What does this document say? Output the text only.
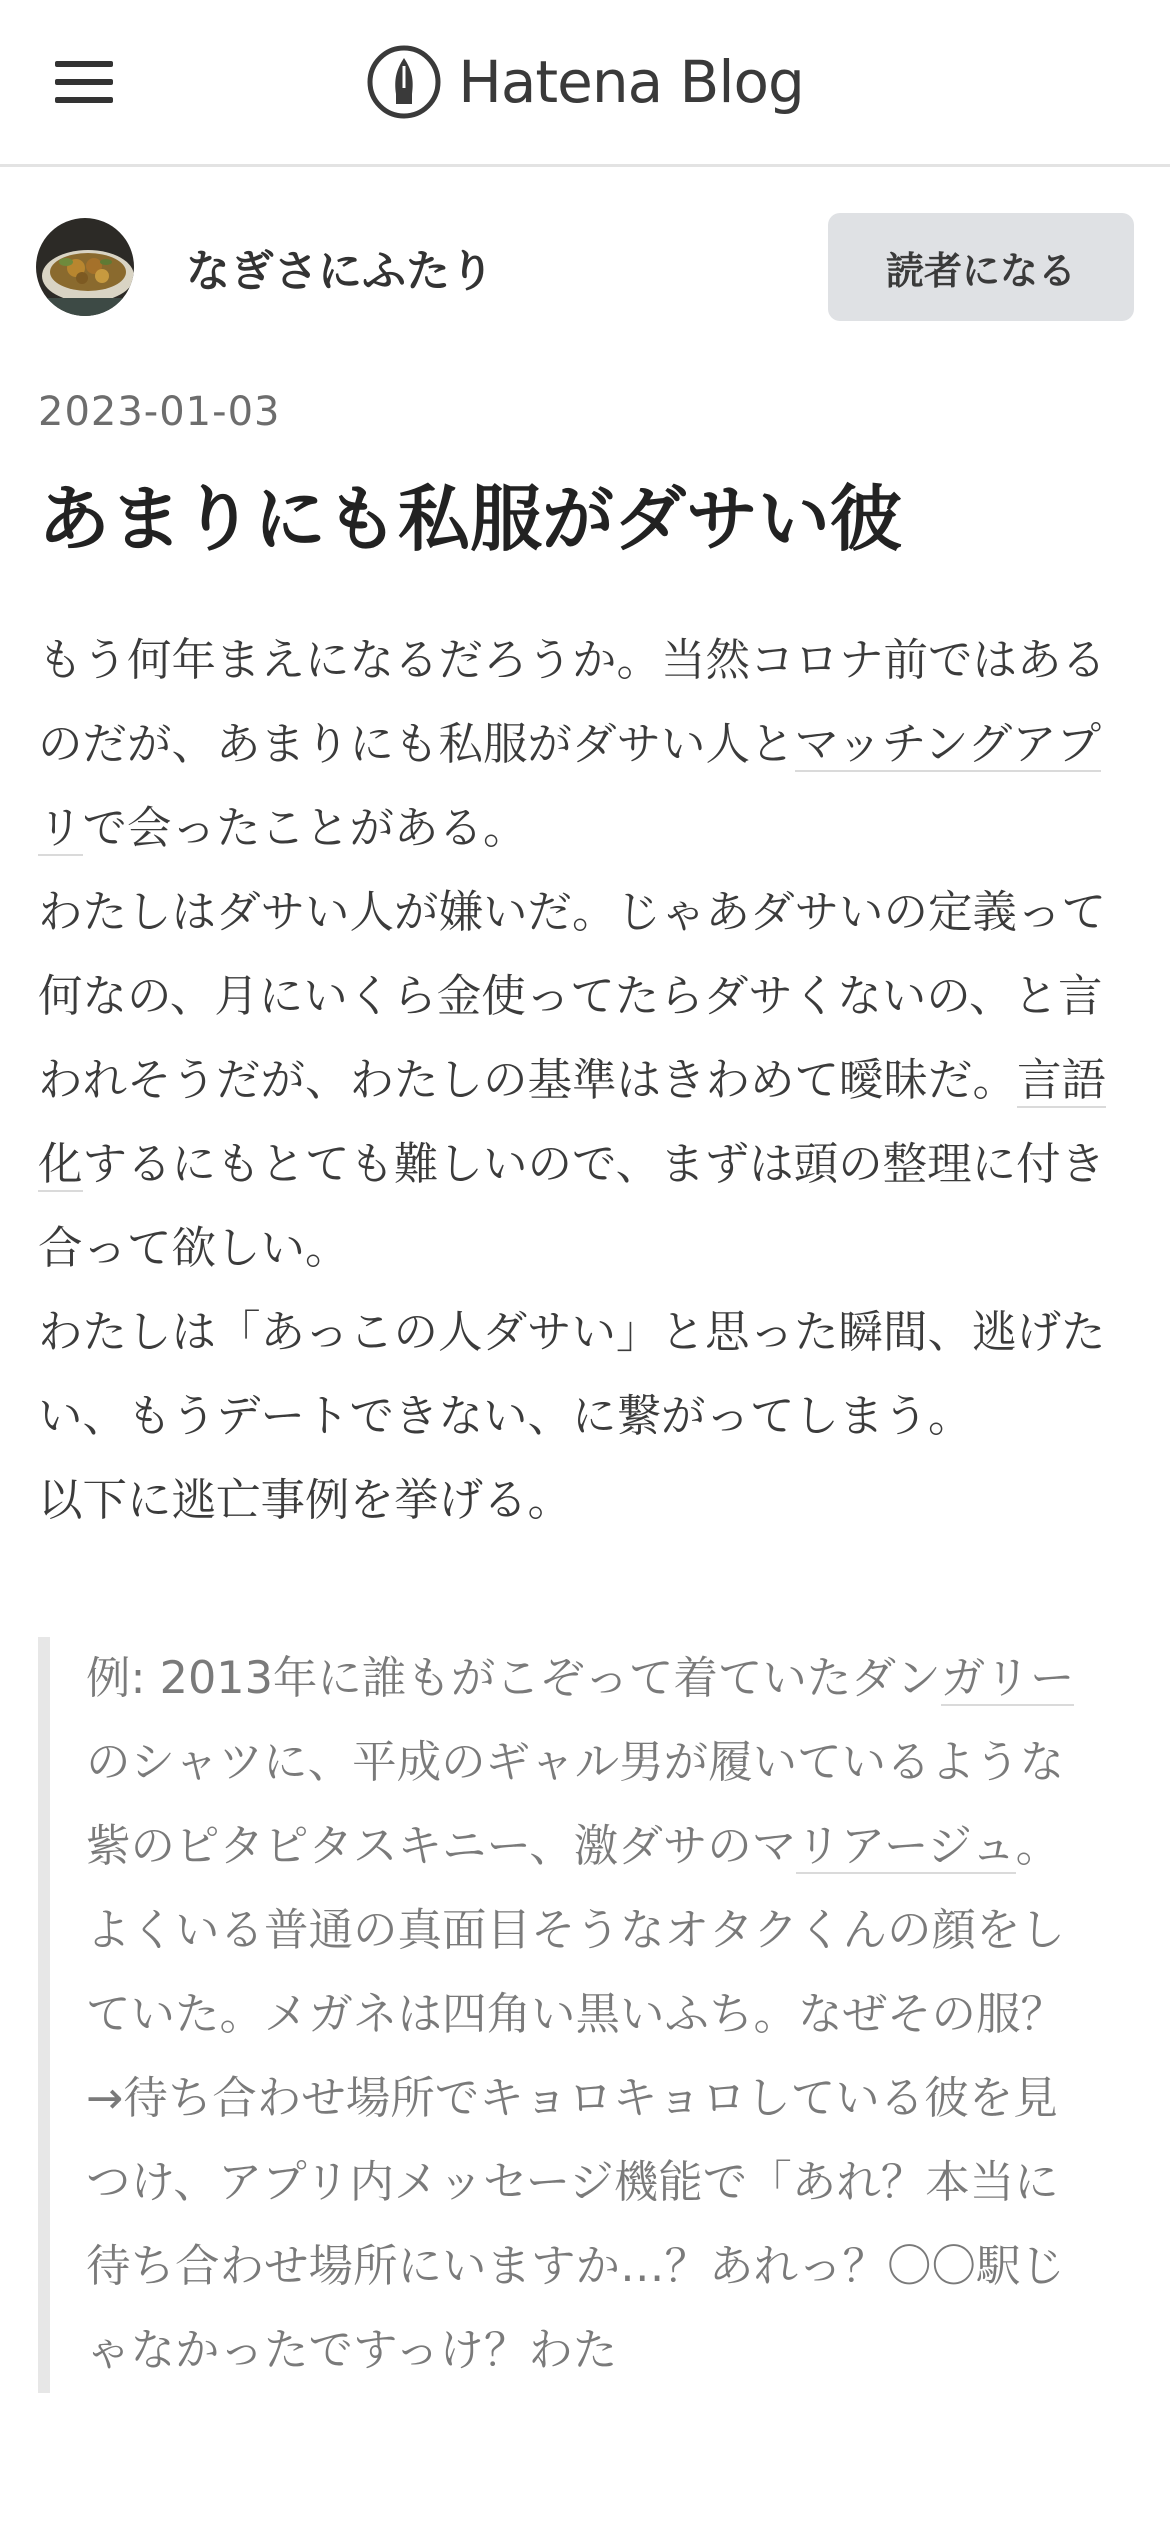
Hatena Blog
なぎさにふたり	読者になる
2023-01-03
あまりにも私服がダサい彼

もう何年まえになるだろうか。当然コロナ前ではあるのだが、あまりにも私服がダサい人とマッチングアプリで会ったことがある。

わたしはダサい人が嫌いだ。じゃあダサいの定義って何なの、月にいくら金使ってたらダサくないの、と言われそうだが、わたしの基準はきわめて曖昧だ。言語化するにもとても難しいので、まずは頭の整理に付き合って欲しい。

わたしは「あっこの人ダサい」と思った瞬間、逃げたい、もうデートできない、に繋がってしまう。

以下に逃亡事例を挙げる。

例: 2013年に誰もがこぞって着ていたダンガリーのシャツに、平成のギャル男が履いているような紫のピタピタスキニー、激ダサのマリアージュ。よくいる普通の真面目そうなオタクくんの顔をしていた。メガネは四角い黒いふち。なぜその服？

→待ち合わせ場所でキョロキョロしている彼を見つけ、アプリ内メッセージ機能で「あれ？本当に待ち合わせ場所にいますか…？あれっ？〇〇駅じゃなかったですっけ？わた
